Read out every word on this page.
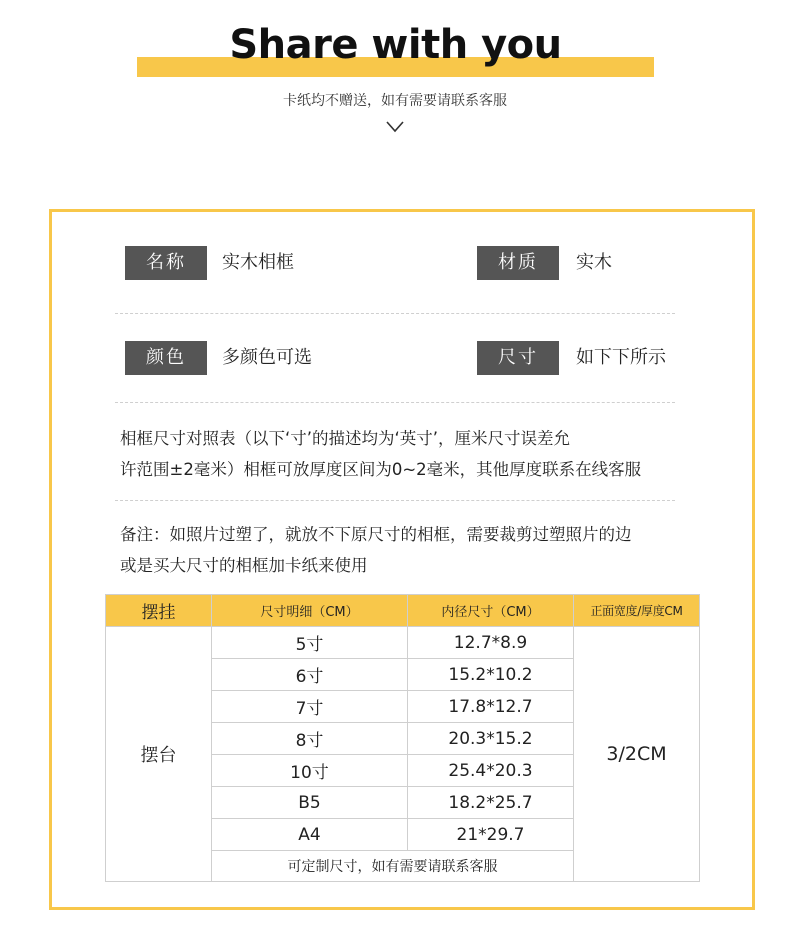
Share with you
卡纸均不赠送，如有需要请联系客服
名称	实木相框	材质	实木
颜色	多颜色可选	尺寸	如下下所示
相框尺寸对照表（以下‘寸’的描述均为‘英寸’，厘米尺寸误差允
许范围±2毫米）相框可放厚度区间为0~2毫米，其他厚度联系在线客服
备注：如照片过塑了，就放不下原尺寸的相框，需要裁剪过塑照片的边
或是买大尺寸的相框加卡纸来使用
摆挂	尺寸明细（CM）	内径尺寸（CM）	正面宽度/厚度CM
摆台	5寸	12.7*8.9	3/2CM
	6寸	15.2*10.2	
	7寸	17.8*12.7	
	8寸	20.3*15.2	
	10寸	25.4*20.3	
	B5	18.2*25.7	
	A4	21*29.7	
	可定制尺寸，如有需要请联系客服		
